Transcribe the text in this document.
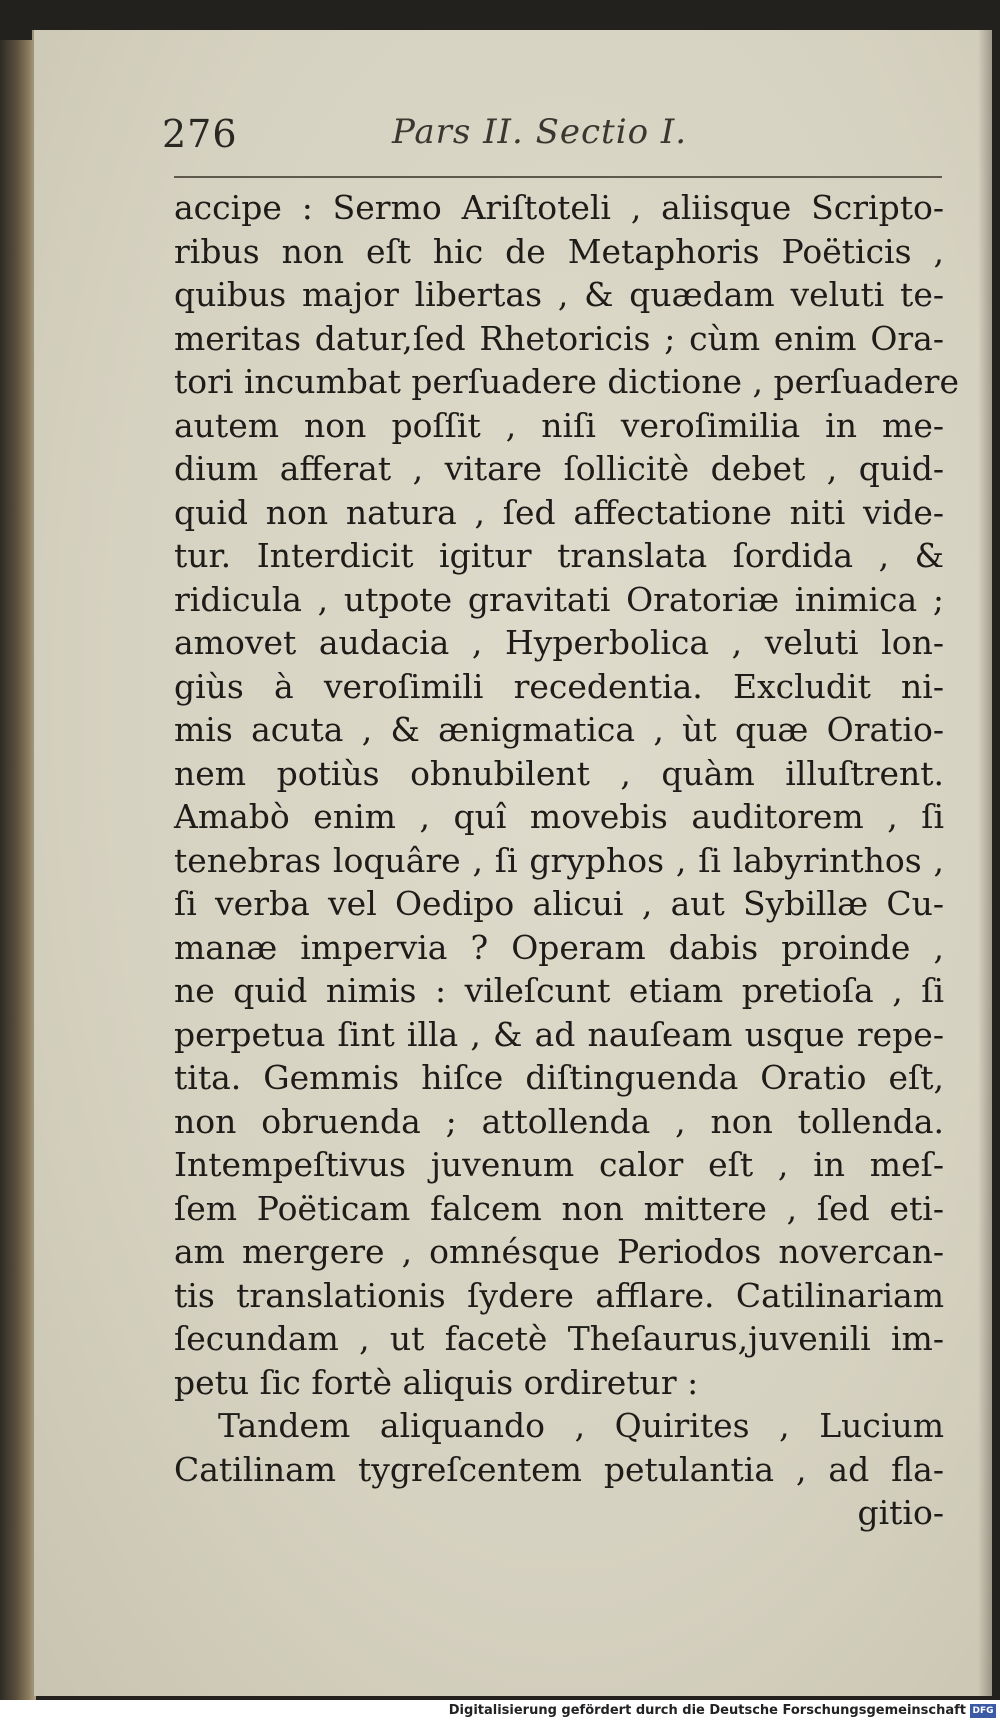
276	Pars II. Sectio I.
accipe : Sermo Ariſtoteli , aliisque Scripto-
ribus non eſt hic de Metaphoris Poëticis ,
quibus major libertas , & quædam veluti te-
meritas datur,ſed Rhetoricis ; cùm enim Ora-
tori incumbat perſuadere dictione , perſuadere
autem non poſſit , niſi veroſimilia in me-
dium afferat , vitare ſollicitè debet , quid-
quid non natura , ſed affectatione niti vide-
tur. Interdicit igitur translata ſordida , &
ridicula , utpote gravitati Oratoriæ inimica ;
amovet audacia , Hyperbolica , veluti lon-
giùs à veroſimili recedentia. Excludit ni-
mis acuta , & ænigmatica , ùt quæ Oratio-
nem potiùs obnubilent , quàm illuſtrent.
Amabò enim , quî movebis auditorem , ſi
tenebras loquâre , ſi gryphos , ſi labyrinthos ,
ſi verba vel Oedipo alicui , aut Sybillæ Cu-
manæ impervia ? Operam dabis proinde ,
ne quid nimis : vileſcunt etiam pretioſa , ſi
perpetua ſint illa , & ad nauſeam usque repe-
tita. Gemmis hiſce diſtinguenda Oratio eſt,
non obruenda ; attollenda , non tollenda.
Intempeſtivus juvenum calor eſt , in meſ-
ſem Poëticam falcem non mittere , ſed eti-
am mergere , omnésque Periodos novercan-
tis translationis ſydere afflare. Catilinariam
ſecundam , ut facetè Theſaurus,juvenili im-
petu ſic fortè aliquis ordiretur :
Tandem aliquando , Quirites , Lucium
Catilinam tygreſcentem petulantia , ad fla-
gitio-
Digitalisierung gefördert durch die Deutsche Forschungsgemeinschaft DFG
